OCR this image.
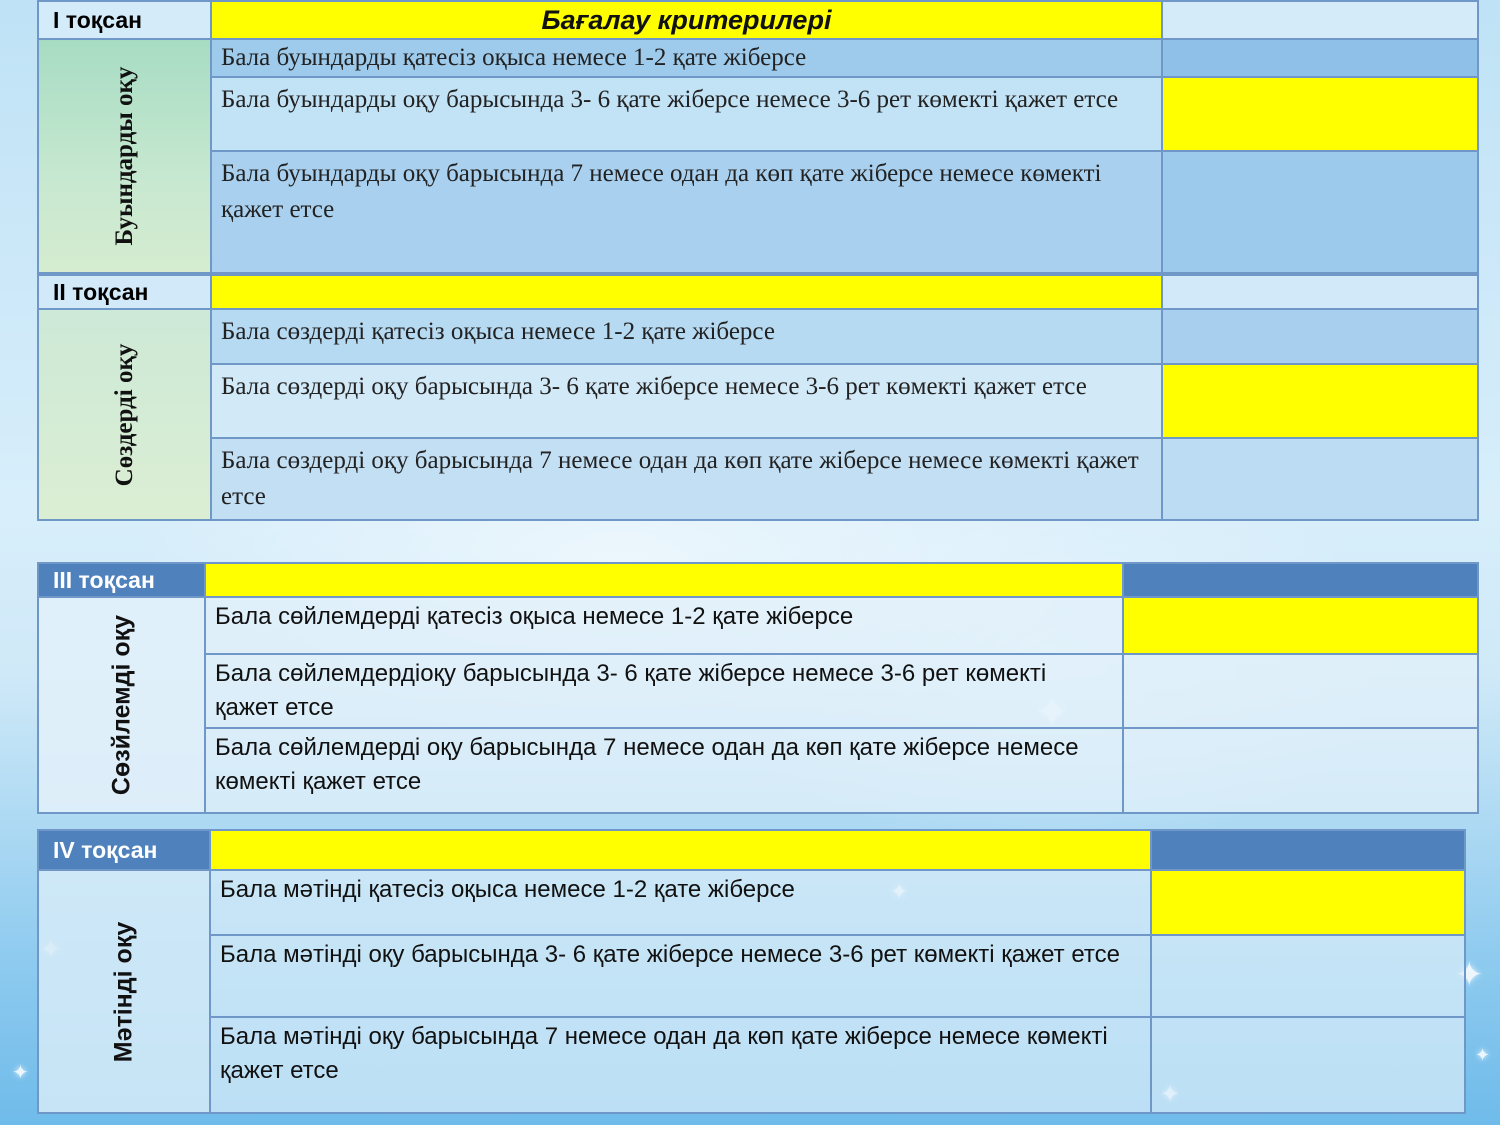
✦
✦
✦
✦
✦
✦
I тоқсан	Бағалау критерилері	

Буындарды оқу	Бала буындарды қатесіз оқыса немесе 1-2 қате жіберсе	
	Бала буындарды оқу барысында 3- 6 қате жіберсе немесе 3-6 рет көмекті қажет етсе	
	Бала буындарды оқу барысында 7 немесе одан да көп қате жіберсе немесе көмекті қажет етсе	
II тоқсан		

Сөздерді оқу	Бала сөздерді қатесіз оқыса немесе 1-2 қате жіберсе	
	Бала сөздерді оқу барысында 3- 6 қате жіберсе немесе 3-6 рет көмекті қажет етсе	
	Бала сөздерді оқу барысында 7 немесе одан да көп қате жіберсе немесе көмекті қажет етсе	
III тоқсан		

Сөзйлемді оқу	Бала сөйлемдерді қатесіз оқыса немесе 1-2 қате жіберсе	
	Бала сөйлемдердіоқу барысында 3- 6 қате жіберсе немесе 3-6 рет көмекті қажет етсе	
	Бала сөйлемдерді оқу барысында 7 немесе одан да көп қате жіберсе немесе көмекті қажет етсе	
IV тоқсан		

Мәтінді оқу	Бала мәтінді қатесіз оқыса немесе 1-2 қате жіберсе	
	Бала мәтінді оқу барысында 3- 6 қате жіберсе немесе 3-6 рет көмекті қажет етсе	
	Бала мәтінді оқу барысында 7 немесе одан да көп қате жіберсе немесе көмекті қажет етсе	
